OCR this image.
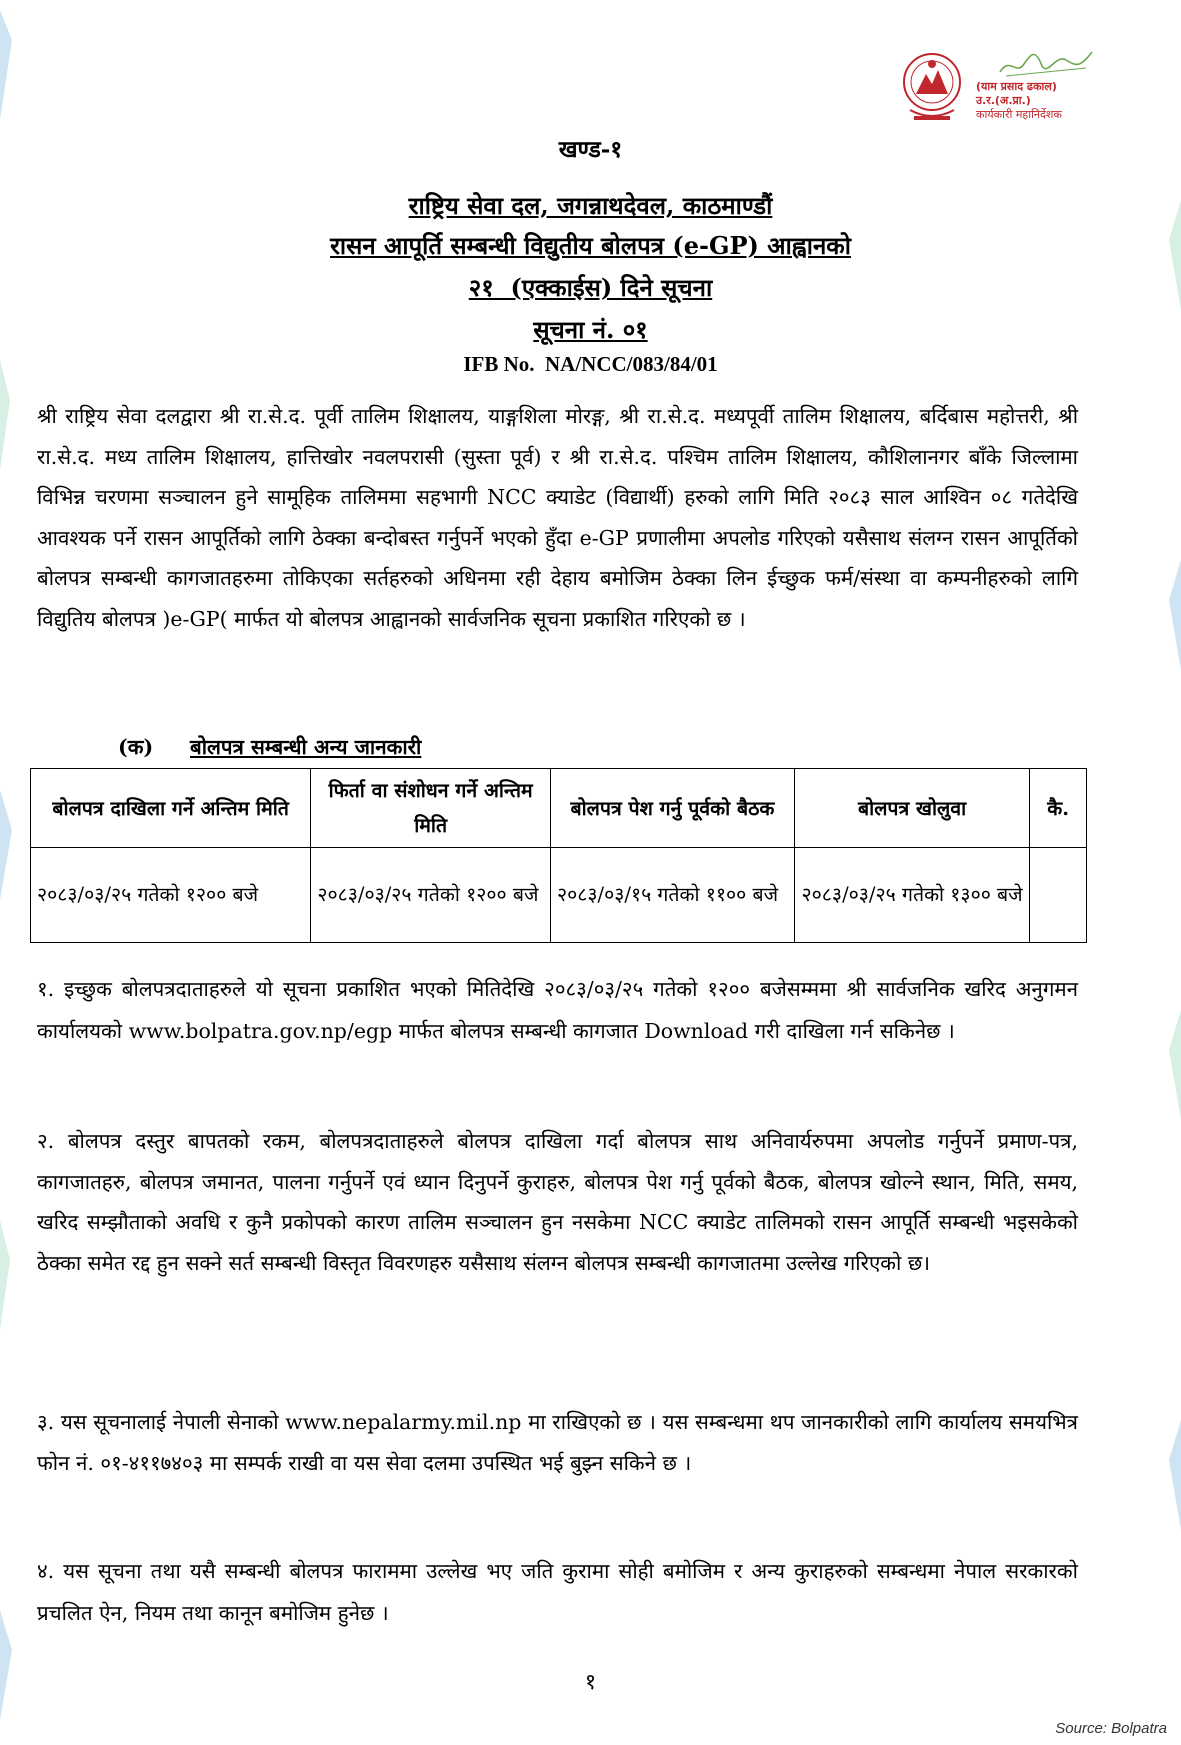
(याम प्रसाद ढकाल)
उ.र.(अ.प्रा.)
कार्यकारी महानिर्देशक
खण्ड-१
राष्ट्रिय सेवा दल, जगन्नाथदेवल, काठमाण्डौं
रासन आपूर्ति सम्बन्धी विद्युतीय बोलपत्र (e-GP) आह्वानको
२१  (एक्काईस) दिने सूचना
सूचना नं. ०१
IFB No.  NA/NCC/083/84/01
श्री राष्ट्रिय सेवा दलद्वारा श्री रा.से.द. पूर्वी तालिम शिक्षालय, याङ्गशिला मोरङ्ग, श्री रा.से.द. मध्यपूर्वी तालिम शिक्षालय, बर्दिबास महोत्तरी, श्री रा.से.द. मध्य तालिम शिक्षालय, हात्तिखोर नवलपरासी (सुस्ता पूर्व) र श्री रा.से.द. पश्चिम तालिम शिक्षालय, कौशिलानगर बाँके जिल्लामा विभिन्न चरणमा सञ्चालन हुने सामूहिक तालिममा सहभागी NCC क्याडेट (विद्यार्थी) हरुको लागि मिति २०८३ साल आश्विन ०८ गतेदेखि आवश्यक पर्ने रासन आपूर्तिको लागि ठेक्का बन्दोबस्त गर्नुपर्ने भएको हुँदा e-GP प्रणालीमा अपलोड गरिएको यसैसाथ संलग्न रासन आपूर्तिको बोलपत्र सम्बन्धी कागजातहरुमा तोकिएका सर्तहरुको अधिनमा रही देहाय बमोजिम ठेक्का लिन ईच्छुक फर्म/संस्था वा कम्पनीहरुको लागि विद्युतिय बोलपत्र )e-GP( मार्फत यो बोलपत्र आह्वानको सार्वजनिक सूचना प्रकाशित गरिएको छ ।
(क) बोलपत्र सम्बन्धी अन्य जानकारी
बोलपत्र दाखिला गर्ने अन्तिम मिति	फिर्ता वा संशोधन गर्ने अन्तिम मिति	बोलपत्र पेश गर्नु पूर्वको बैठक	बोलपत्र खोलुवा	कै.
२०८३/०३/२५ गतेको १२०० बजे	२०८३/०३/२५ गतेको १२०० बजे	२०८३/०३/१५ गतेको ११०० बजे	२०८३/०३/२५ गतेको १३०० बजे	
१. इच्छुक बोलपत्रदाताहरुले यो सूचना प्रकाशित भएको मितिदेखि २०८३/०३/२५ गतेको १२०० बजेसम्ममा श्री सार्वजनिक खरिद अनुगमन कार्यालयको www.bolpatra.gov.np/egp मार्फत बोलपत्र सम्बन्धी कागजात Download गरी दाखिला गर्न सकिनेछ ।
२. बोलपत्र दस्तुर बापतको रकम, बोलपत्रदाताहरुले बोलपत्र दाखिला गर्दा बोलपत्र साथ अनिवार्यरुपमा अपलोड गर्नुपर्ने प्रमाण-पत्र, कागजातहरु, बोलपत्र जमानत, पालना गर्नुपर्ने एवं ध्यान दिनुपर्ने कुराहरु, बोलपत्र पेश गर्नु पूर्वको बैठक, बोलपत्र खोल्ने स्थान, मिति, समय, खरिद सम्झौताको अवधि र कुनै प्रकोपको कारण तालिम सञ्चालन हुन नसकेमा NCC क्याडेट तालिमको रासन आपूर्ति सम्बन्धी भइसकेको ठेक्का समेत रद्द हुन सक्ने सर्त सम्बन्धी विस्तृत विवरणहरु यसैसाथ संलग्न बोलपत्र सम्बन्धी कागजातमा उल्लेख गरिएको छ।
३. यस सूचनालाई नेपाली सेनाको www.nepalarmy.mil.np मा राखिएको छ । यस सम्बन्धमा थप जानकारीको लागि कार्यालय समयभित्र फोन नं. ०१-४११७४०३ मा सम्पर्क राखी वा यस सेवा दलमा उपस्थित भई बुझ्न सकिने छ ।
४. यस सूचना तथा यसै सम्बन्धी बोलपत्र फाराममा उल्लेख भए जति कुरामा सोही बमोजिम र अन्य कुराहरुको सम्बन्धमा नेपाल सरकारको प्रचलित ऐन, नियम तथा कानून बमोजिम हुनेछ ।
१
Source: Bolpatra
